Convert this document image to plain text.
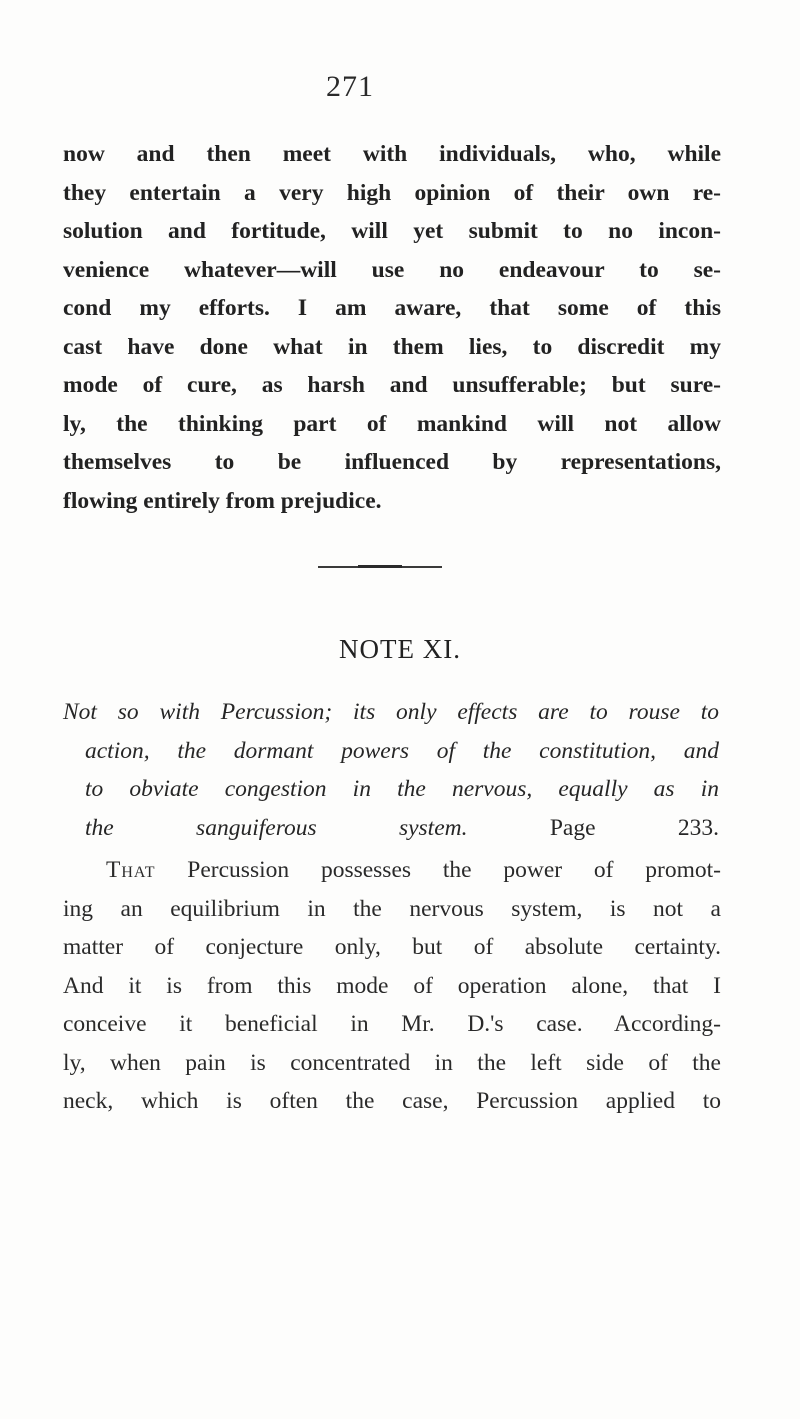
271
now and then meet with individuals, who, while
they entertain a very high opinion of their own re-
solution and fortitude, will yet submit to no incon-
venience whatever—will use no endeavour to se-
cond my efforts. I am aware, that some of this
cast have done what in them lies, to discredit my
mode of cure, as harsh and unsufferable; but sure-
ly, the thinking part of mankind will not allow
themselves to be influenced by representations,
flowing entirely from prejudice.
NOTE XI.
Not so with Percussion; its only effects are to rouse to
action, the dormant powers of the constitution, and
to obviate congestion in the nervous, equally as in
the sanguiferous system.	Page 233.
That Percussion possesses the power of promot-
ing an equilibrium in the nervous system, is not a
matter of conjecture only, but of absolute certainty.
And it is from this mode of operation alone, that I
conceive it beneficial in Mr. D.'s case. According-
ly, when pain is concentrated in the left side of the
neck, which is often the case, Percussion applied to
